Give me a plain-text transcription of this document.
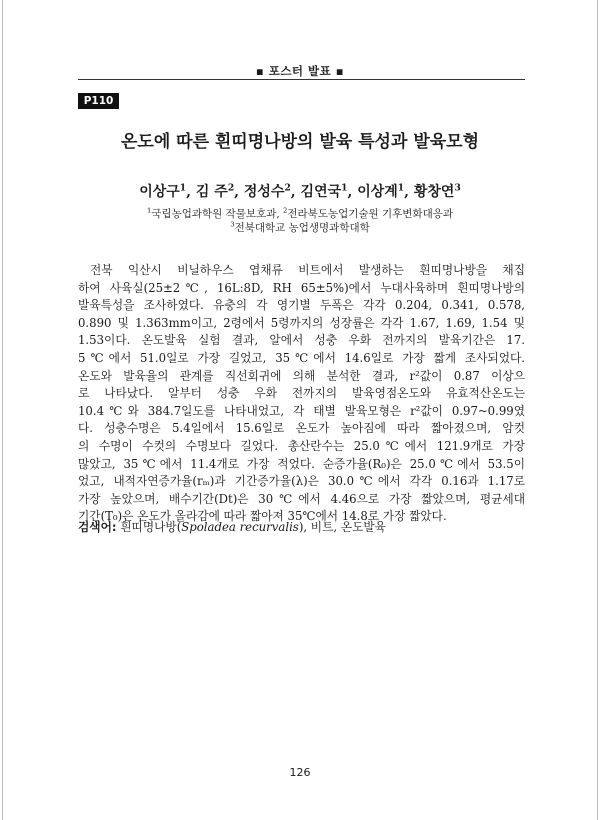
▪ 포스터 발표 ▪
P110
온도에 따른 흰띠명나방의 발육 특성과 발육모형
이상구$^1$, 김 주$^2$, 정성수$^2$, 김연국$^1$, 이상계$^1$, 황창연$^3$
$^1$국립농업과학원 작물보호과, $^2$전라북도농업기술원 기후변화대응과
$^3$전북대학교 농업생명과학대학
전북 익산시 비닐하우스 엽채류 비트에서 발생하는 흰띠명나방을 채집
하여 사육실(25±2℃, 16L:8D, RH 65±5%)에서 누대사육하며 흰띠명나방의
발육특성을 조사하였다. 유충의 각 영기별 두폭은 각각 0.204, 0.341, 0.578,
0.890 및 1.363mm이고, 2령에서 5령까지의 성장률은 각각 1.67, 1.69, 1.54 및
1.53이다. 온도발육 실험 결과, 알에서 성충 우화 전까지의 발육기간은 17.
5℃에서 51.0일로 가장 길었고, 35℃에서 14.6일로 가장 짧게 조사되었다.
온도와 발육율의 관계를 직선회귀에 의해 분석한 결과, r²값이 0.87 이상으
로 나타났다. 알부터 성충 우화 전까지의 발육영점온도와 유효적산온도는
10.4℃와 384.7일도를 나타내었고, 각 태별 발육모형은 r²값이 0.97~0.99였
다. 성충수명은 5.4일에서 15.6일로 온도가 높아짐에 따라 짧아졌으며, 암컷
의 수명이 수컷의 수명보다 길었다. 총산란수는 25.0℃에서 121.9개로 가장
많았고, 35℃에서 11.4개로 가장 적었다. 순증가율(R₀)은 25.0℃에서 53.5이
었고, 내적자연증가율(rₘ)과 기간증가율(λ)은 30.0℃에서 각각 0.16과 1.17로
가장 높았으며, 배수기간(Dt)은 30℃에서 4.46으로 가장 짧았으며, 평균세대
기간(T₀)은 온도가 올라감에 따라 짧아져 35℃에서 14.8로 가장 짧았다.
검색어: 흰띠명나방(Spoladea recurvalis), 비트, 온도발육
126
